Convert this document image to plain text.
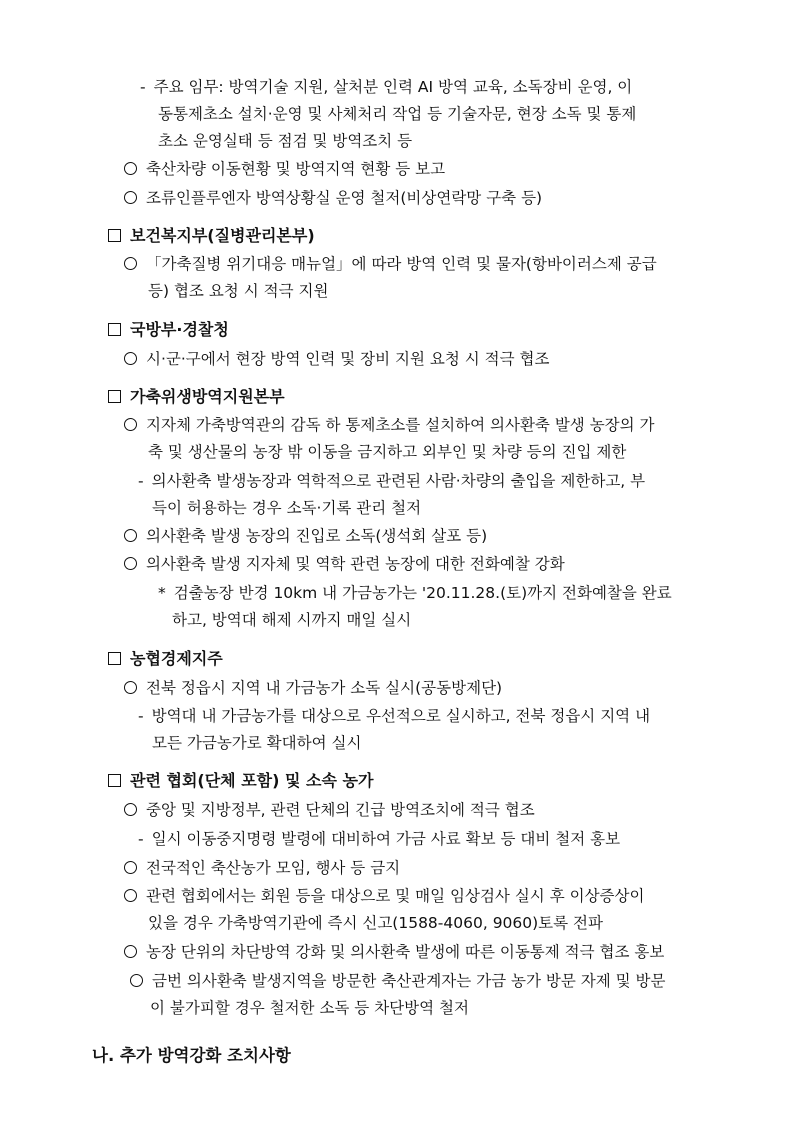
- 주요 임무: 방역기술 지원, 살처분 인력 AI 방역 교육, 소독장비 운영, 이
동통제초소 설치·운영 및 사체처리 작업 등 기술자문, 현장 소독 및 통제
초소 운영실태 등 점검 및 방역조치 등
축산차량 이동현황 및 방역지역 현황 등 보고
조류인플루엔자 방역상황실 운영 철저(비상연락망 구축 등)
보건복지부(질병관리본부)
「가축질병 위기대응 매뉴얼」에 따라 방역 인력 및 물자(항바이러스제 공급
등) 협조 요청 시 적극 지원
국방부·경찰청
시·군·구에서 현장 방역 인력 및 장비 지원 요청 시 적극 협조
가축위생방역지원본부
지자체 가축방역관의 감독 하 통제초소를 설치하여 의사환축 발생 농장의 가
축 및 생산물의 농장 밖 이동을 금지하고 외부인 및 차량 등의 진입 제한
- 의사환축 발생농장과 역학적으로 관련된 사람·차량의 출입을 제한하고, 부
득이 허용하는 경우 소독·기록 관리 철저
의사환축 발생 농장의 진입로 소독(생석회 살포 등)
의사환축 발생 지자체 및 역학 관련 농장에 대한 전화예찰 강화
* 검출농장 반경 10km 내 가금농가는 '20.11.28.(토)까지 전화예찰을 완료
하고, 방역대 해제 시까지 매일 실시
농협경제지주
전북 정읍시 지역 내 가금농가 소독 실시(공동방제단)
- 방역대 내 가금농가를 대상으로 우선적으로 실시하고, 전북 정읍시 지역 내
모든 가금농가로 확대하여 실시
관련 협회(단체 포함) 및 소속 농가
중앙 및 지방정부, 관련 단체의 긴급 방역조치에 적극 협조
- 일시 이동중지명령 발령에 대비하여 가금 사료 확보 등 대비 철저 홍보
전국적인 축산농가 모임, 행사 등 금지
관련 협회에서는 회원 등을 대상으로 및 매일 임상검사 실시 후 이상증상이
있을 경우 가축방역기관에 즉시 신고(1588-4060, 9060)토록 전파
농장 단위의 차단방역 강화 및 의사환축 발생에 따른 이동통제 적극 협조 홍보
금번 의사환축 발생지역을 방문한 축산관계자는 가금 농가 방문 자제 및 방문
이 불가피할 경우 철저한 소독 등 차단방역 철저
나. 추가 방역강화 조치사항
